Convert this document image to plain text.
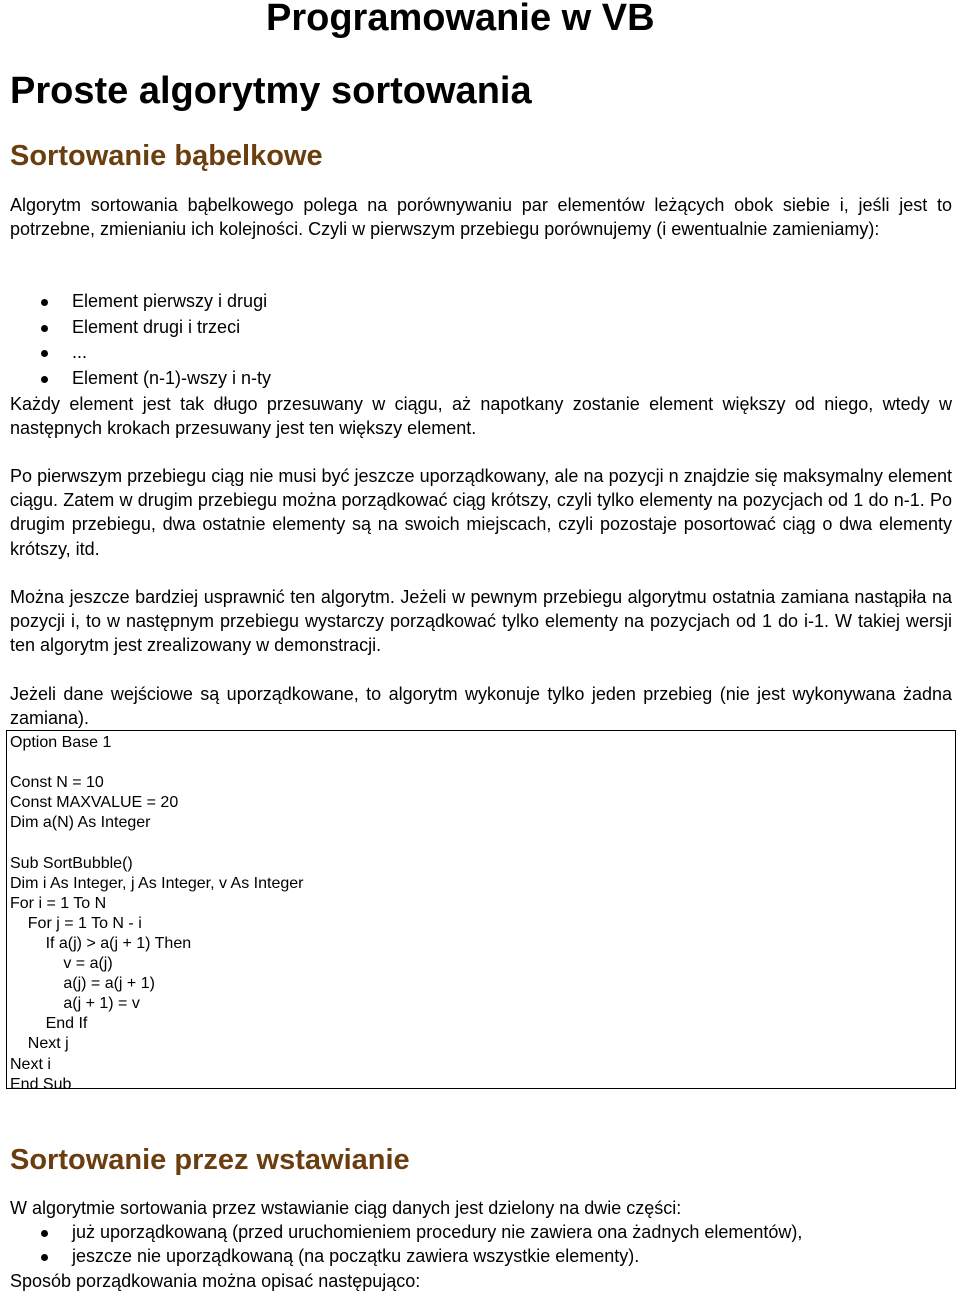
Programowanie w VB
Proste algorytmy sortowania
Sortowanie bąbelkowe

Algorytm sortowania bąbelkowego polega na porównywaniu par elementów leżących obok siebie i, jeśli jest to potrzebne, zmienianiu ich kolejności. Czyli w pierwszym przebiegu porównujemy (i ewentualnie zamieniamy):

Element pierwszy i drugi
Element drugi i trzeci
...
Element (n-1)-wszy i n-ty

Każdy element jest tak długo przesuwany w ciągu, aż napotkany zostanie element większy od niego, wtedy w następnych krokach przesuwany jest ten większy element.

Po pierwszym przebiegu ciąg nie musi być jeszcze uporządkowany, ale na pozycji n znajdzie się maksymalny element ciągu. Zatem w drugim przebiegu można porządkować ciąg krótszy, czyli tylko elementy na pozycjach od 1 do n-1. Po drugim przebiegu, dwa ostatnie elementy są na swoich miejscach, czyli pozostaje posortować ciąg o dwa elementy krótszy, itd.

Można jeszcze bardziej usprawnić ten algorytm. Jeżeli w pewnym przebiegu algorytmu ostatnia zamiana nastąpiła na pozycji i, to w następnym przebiegu wystarczy porządkować tylko elementy na pozycjach od 1 do i-1. W takiej wersji ten algorytm jest zrealizowany w demonstracji.

Jeżeli dane wejściowe są uporządkowane, to algorytm wykonuje tylko jeden przebieg (nie jest wykonywana żadna zamiana).

Option Base 1
Const N = 10
Const MAXVALUE = 20
Dim a(N) As Integer
Sub SortBubble()
Dim i As Integer, j As Integer, v As Integer
For i = 1 To N
For j = 1 To N - i
If a(j) > a(j + 1) Then
v = a(j)
a(j) = a(j + 1)
a(j + 1) = v
End If
Next j
Next i
End Sub
Sortowanie przez wstawianie

W algorytmie sortowania przez wstawianie ciąg danych jest dzielony na dwie części:

już uporządkowaną (przed uruchomieniem procedury nie zawiera ona żadnych elementów),
jeszcze nie uporządkowaną (na początku zawiera wszystkie elementy).

Sposób porządkowania można opisać następująco:
